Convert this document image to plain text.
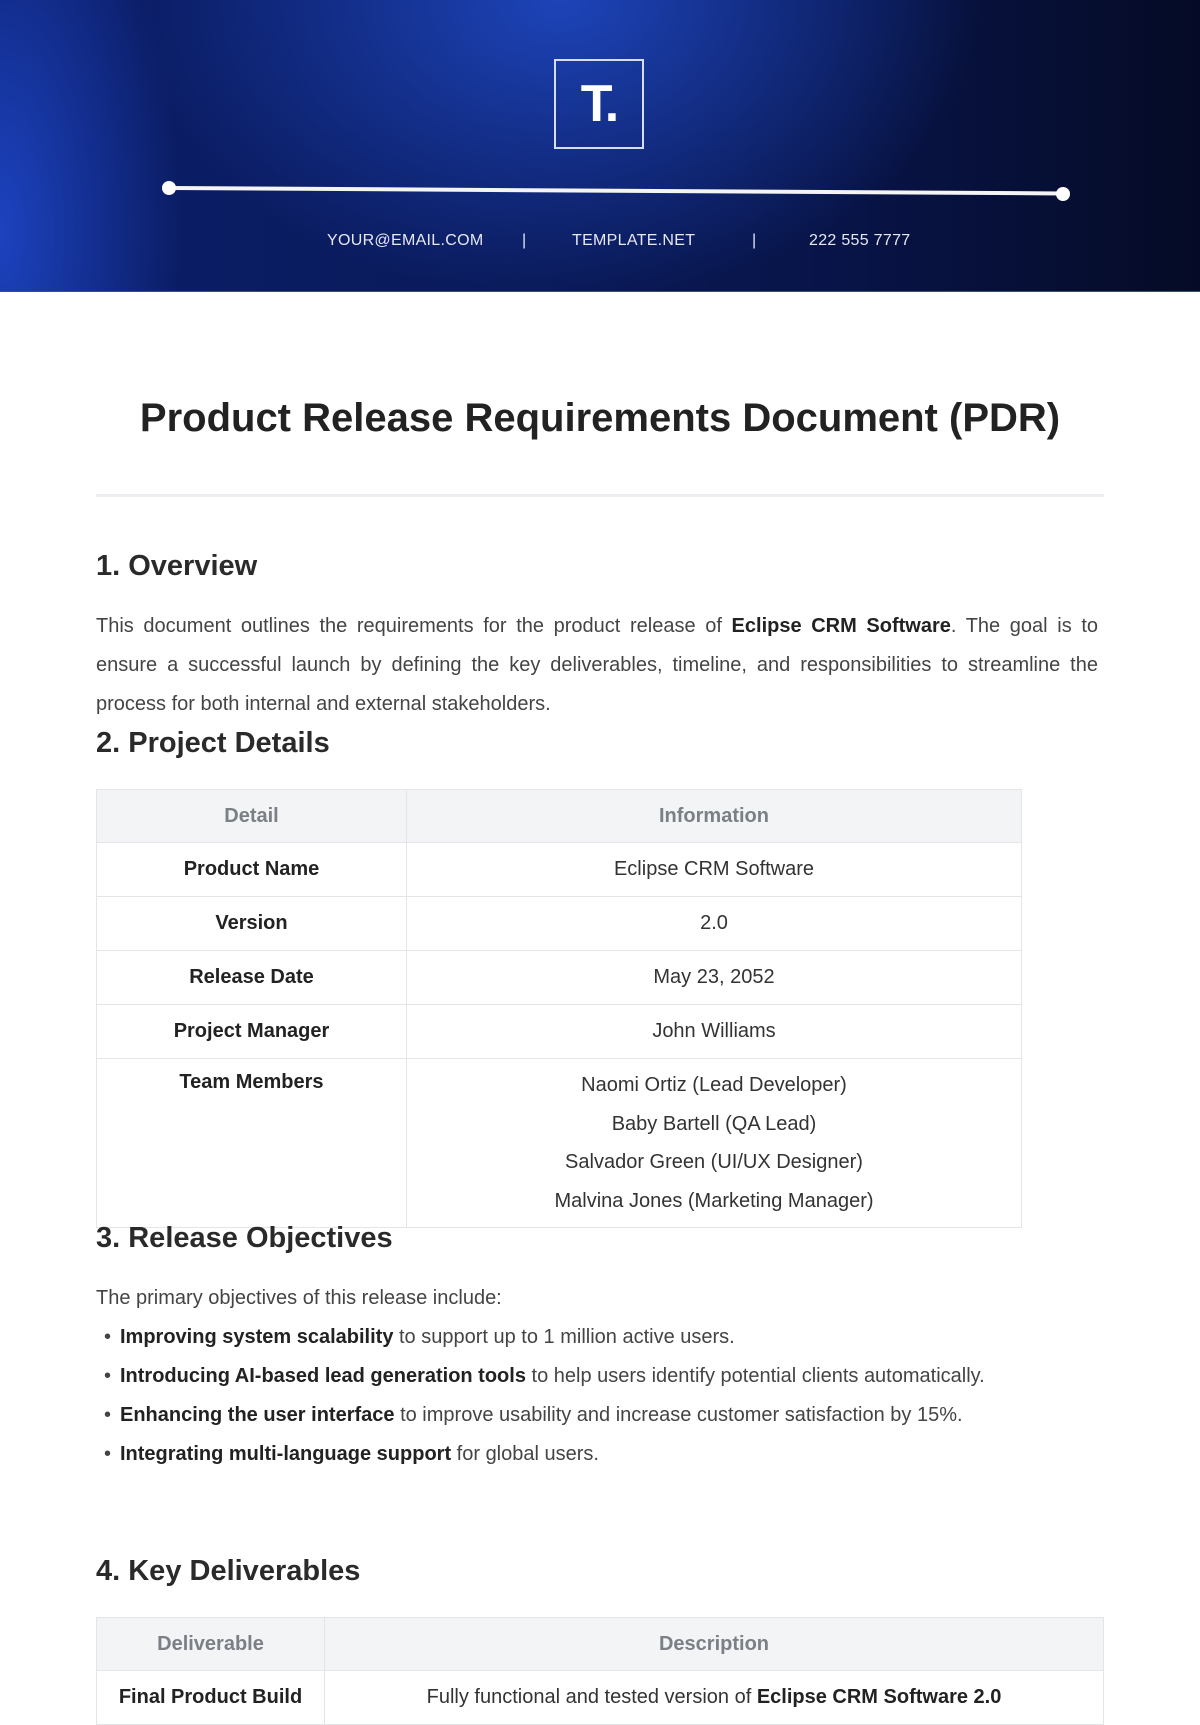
T.
YOUR@EMAIL.COM |	TEMPLATE.NET	|	222 555 7777
Product Release Requirements Document (PDR)
1. Overview

This document outlines the requirements for the product release of Eclipse CRM Software. The goal is to ensure a successful launch by defining the key deliverables, timeline, and responsibilities to streamline the process for both internal and external stakeholders.

2. Project Details
Detail	Information
Product Name	Eclipse CRM Software
Version	2.0
Release Date	May 23, 2052
Project Manager	John Williams
Team Members	Naomi Ortiz (Lead Developer)
Baby Bartell (QA Lead)
Salvador Green (UI/UX Designer)
Malvina Jones (Marketing Manager)
3. Release Objectives

The primary objectives of this release include:

• Improving system scalability to support up to 1 million active users.
• Introducing AI-based lead generation tools to help users identify potential clients automatically.
• Enhancing the user interface to improve usability and increase customer satisfaction by 15%.
• Integrating multi-language support for global users.
4. Key Deliverables
Deliverable	Description
Final Product Build	Fully functional and tested version of Eclipse CRM Software 2.0
